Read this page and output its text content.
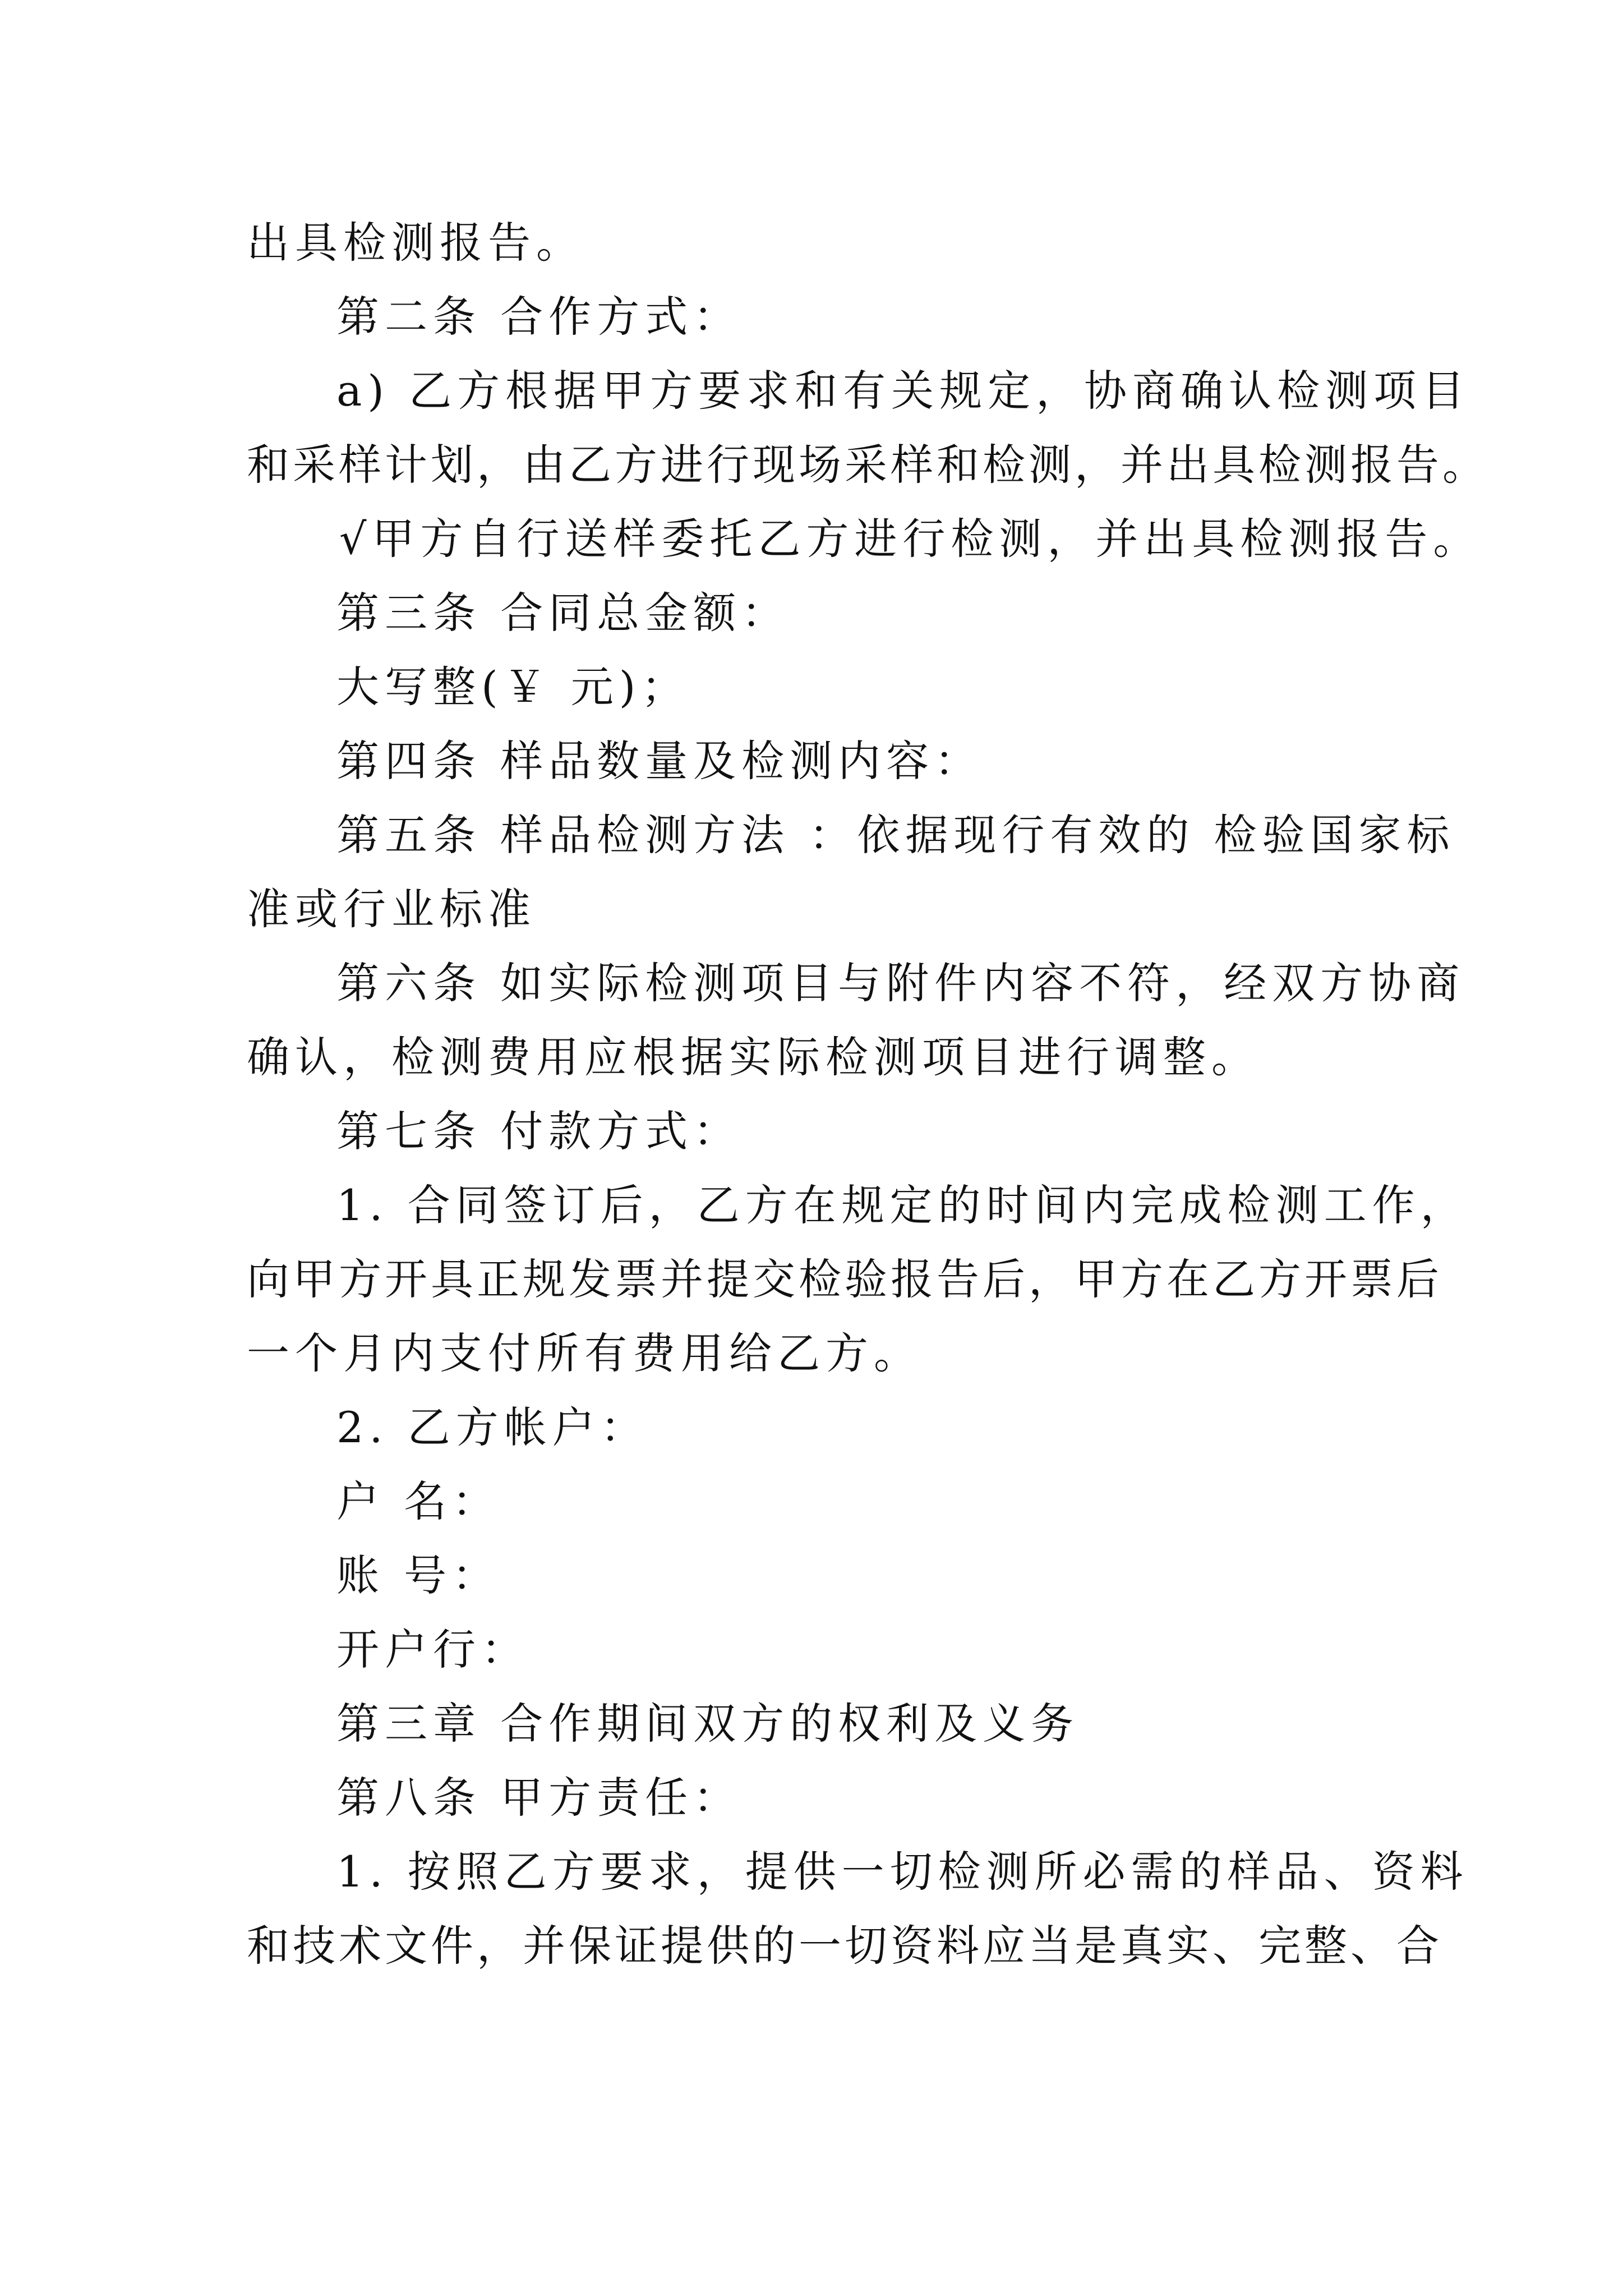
出具检测报告。
第二条 合作方式：
a) 乙方根据甲方要求和有关规定，协商确认检测项目
和采样计划，由乙方进行现场采样和检测，并出具检测报告。
√甲方自行送样委托乙方进行检测，并出具检测报告。
第三条 合同总金额：
大写整(￥ 元)；
第四条 样品数量及检测内容：
第五条 样品检测方法 ：依据现行有效的 检验国家标
准或行业标准
第六条 如实际检测项目与附件内容不符，经双方协商
确认，检测费用应根据实际检测项目进行调整。
第七条 付款方式：
1. 合同签订后，乙方在规定的时间内完成检测工作，
向甲方开具正规发票并提交检验报告后，甲方在乙方开票后
一个月内支付所有费用给乙方。
2. 乙方帐户：
户 名：
账 号：
开户行：
第三章 合作期间双方的权利及义务
第八条 甲方责任：
1. 按照乙方要求，提供一切检测所必需的样品、资料
和技术文件，并保证提供的一切资料应当是真实、完整、合
